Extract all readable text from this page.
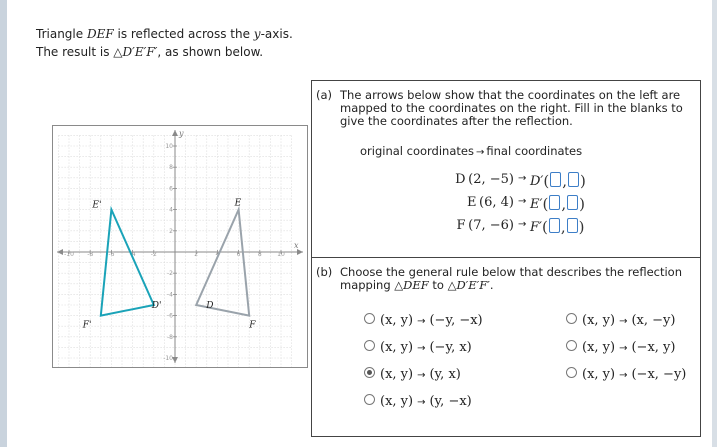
Triangle DEF is reflected across the y-axis.
The result is △D′E′F′, as shown below.
x
y
-10 -8	-6	-4	-2	2	4	6	8	10
10
8
6
4
2
-2
-4
-6
-8
-10
D
E
F
D'
E'
F'
(a) The arrows below show that the coordinates on the left are mapped to the coordinates on the right. Fill in the blanks to give the coordinates after the reflection.
original coordinates → final coordinates
D (2, −5) → D′( , )
E (6, 4) → E′( , )
F (7, −6) → F′( , )
(b) Choose the general rule below that describes the reflection mapping △DEF to △D′E′F′.
(x, y) → (−y, −x)	(x, y) → (x, −y)
(x, y) → (−y, x)	(x, y) → (−x, y)
(x, y) → (y, x)	(x, y) → (−x, −y)
(x, y) → (y, −x)
